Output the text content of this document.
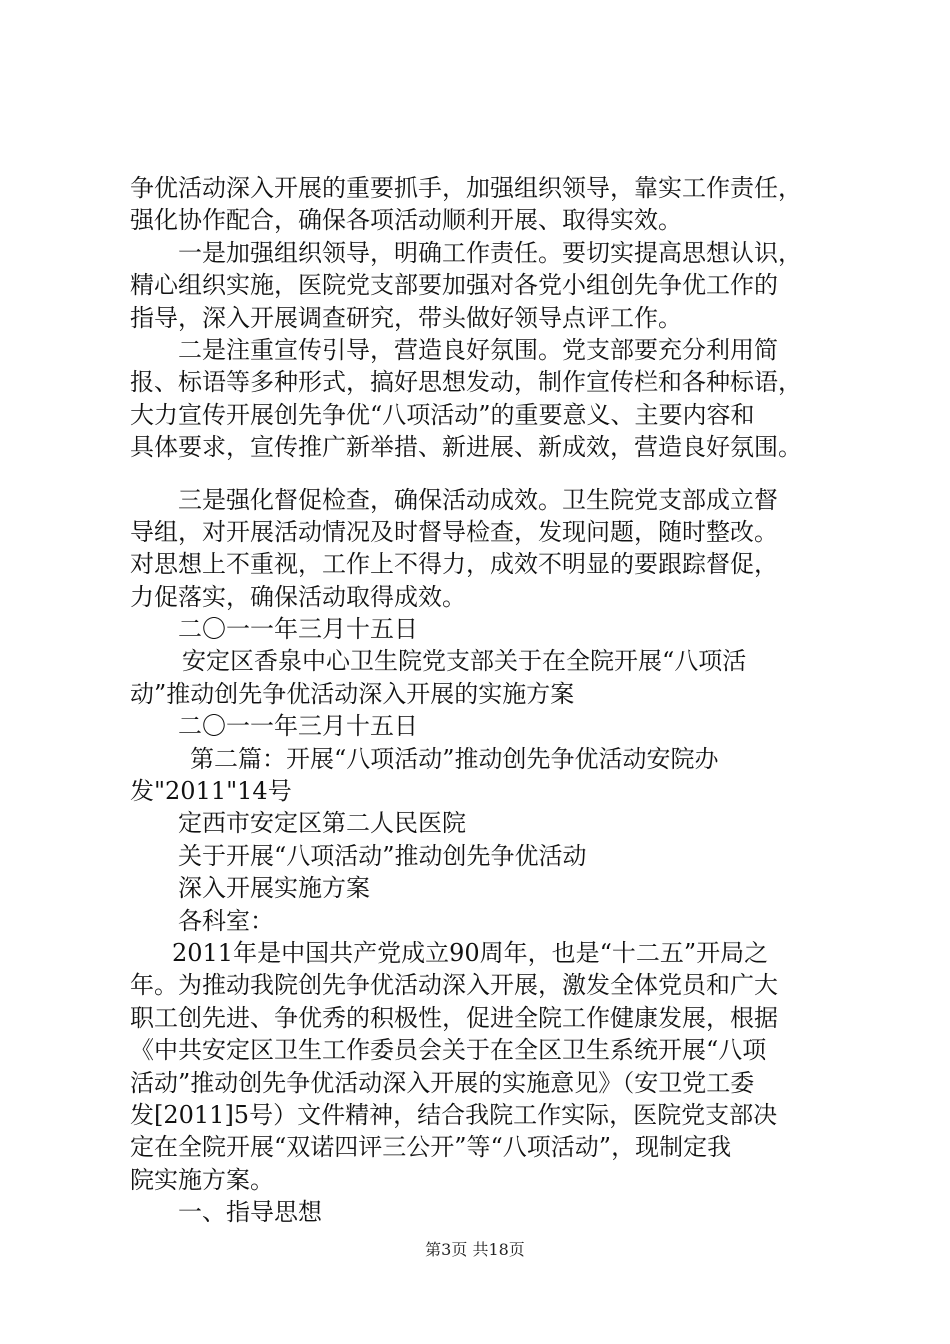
争优活动深入开展的重要抓手，加强组织领导，靠实工作责任，
强化协作配合，确保各项活动顺利开展、取得实效。
一是加强组织领导，明确工作责任。要切实提高思想认识，
精心组织实施，医院党支部要加强对各党小组创先争优工作的
指导，深入开展调查研究，带头做好领导点评工作。
二是注重宣传引导，营造良好氛围。党支部要充分利用简
报、标语等多种形式，搞好思想发动，制作宣传栏和各种标语，
大力宣传开展创先争优“八项活动”的重要意义、主要内容和
具体要求，宣传推广新举措、新进展、新成效，营造良好氛围。
三是强化督促检查，确保活动成效。卫生院党支部成立督
导组，对开展活动情况及时督导检查，发现问题，随时整改。
对思想上不重视，工作上不得力，成效不明显的要跟踪督促，
力促落实，确保活动取得成效。
二〇一一年三月十五日
安定区香泉中心卫生院党支部关于在全院开展“八项活
动”推动创先争优活动深入开展的实施方案
二〇一一年三月十五日
第二篇：开展“八项活动”推动创先争优活动安院办
发"2011"14号
定西市安定区第二人民医院
关于开展“八项活动”推动创先争优活动
深入开展实施方案
各科室：
2011年是中国共产党成立90周年，也是“十二五”开局之
年。为推动我院创先争优活动深入开展，激发全体党员和广大
职工创先进、争优秀的积极性，促进全院工作健康发展，根据
《中共安定区卫生工作委员会关于在全区卫生系统开展“八项
活动”推动创先争优活动深入开展的实施意见》（安卫党工委
发[2011]5号）文件精神，结合我院工作实际，医院党支部决
定在全院开展“双诺四评三公开”等“八项活动”，现制定我
院实施方案。
一、指导思想
第3页 共18页
